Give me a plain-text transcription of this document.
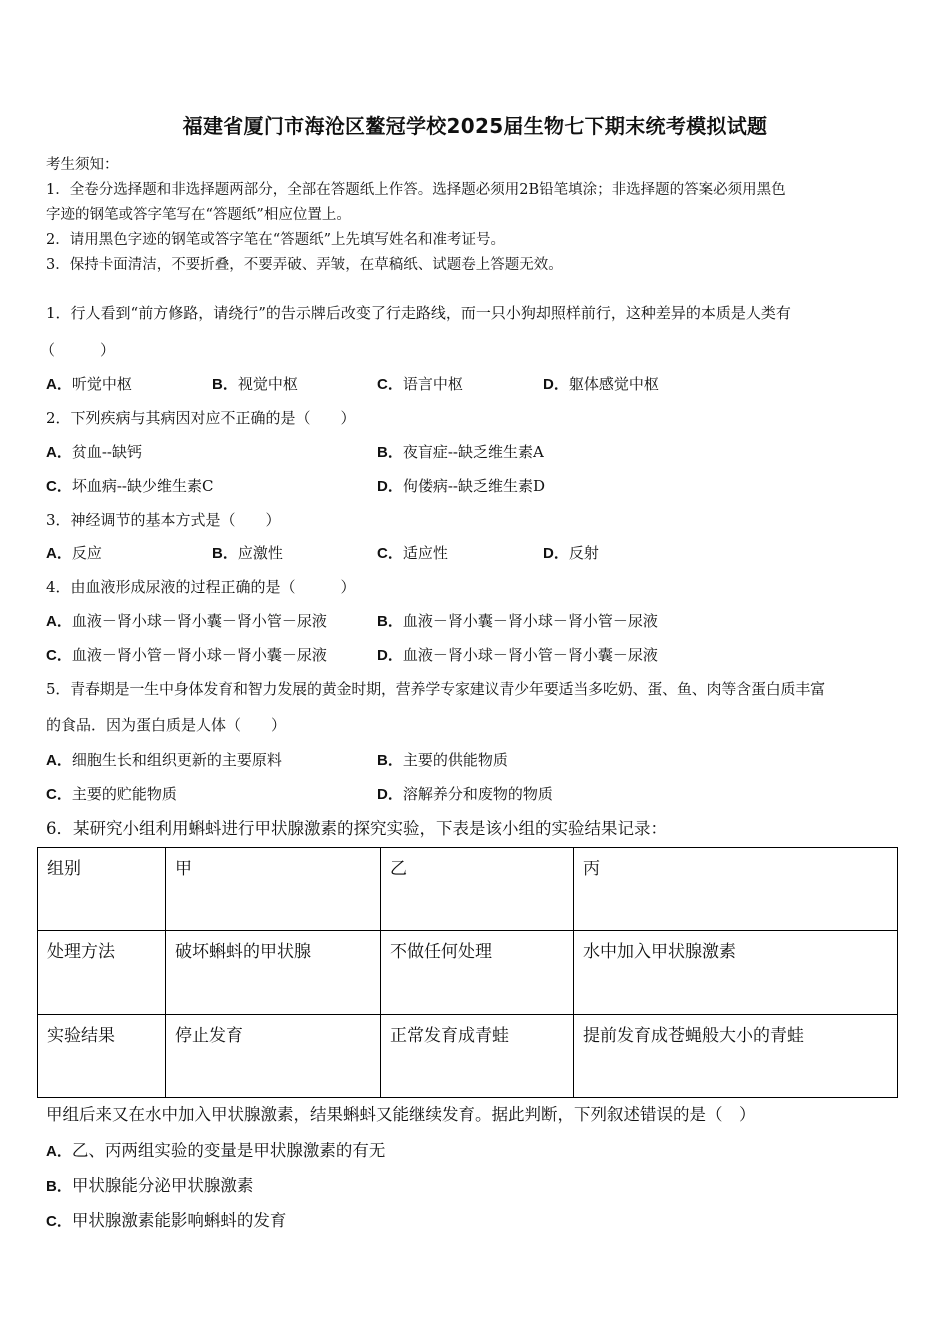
福建省厦门市海沧区鳌冠学校2025届生物七下期末统考模拟试题
考生须知：
1．全卷分选择题和非选择题两部分，全部在答题纸上作答。选择题必须用2B铅笔填涂；非选择题的答案必须用黑色
字迹的钢笔或答字笔写在“答题纸”相应位置上。
2．请用黑色字迹的钢笔或答字笔在“答题纸”上先填写姓名和准考证号。
3．保持卡面清洁，不要折叠，不要弄破、弄皱，在草稿纸、试题卷上答题无效。
1．行人看到“前方修路，请绕行”的告示牌后改变了行走路线，而一只小狗却照样前行，这种差异的本质是人类有
（　　　）
A．听觉中枢	B．视觉中枢	C．语言中枢	D．躯体感觉中枢
2．下列疾病与其病因对应不正确的是（　　）
A．贫血--缺钙	B．夜盲症--缺乏维生素A
C．坏血病--缺少维生素C	D．佝偻病--缺乏维生素D
3．神经调节的基本方式是（　　）
A．反应	B．应激性	C．适应性	D．反射
4．由血液形成尿液的过程正确的是（　　　）
A．血液－肾小球－肾小囊－肾小管－尿液	B．血液－肾小囊－肾小球－肾小管－尿液
C．血液－肾小管－肾小球－肾小囊－尿液	D．血液－肾小球－肾小管－肾小囊－尿液
5．青春期是一生中身体发育和智力发展的黄金时期，营养学专家建议青少年要适当多吃奶、蛋、鱼、肉等含蛋白质丰富
的食品．因为蛋白质是人体（　　）
A．细胞生长和组织更新的主要原料	B．主要的供能物质
C．主要的贮能物质	D．溶解养分和废物的物质
6．某研究小组利用蝌蚪进行甲状腺激素的探究实验，下表是该小组的实验结果记录：
组别	甲	乙	丙
处理方法	破坏蝌蚪的甲状腺	不做任何处理	水中加入甲状腺激素
实验结果	停止发育	正常发育成青蛙	提前发育成苍蝇般大小的青蛙
甲组后来又在水中加入甲状腺激素，结果蝌蚪又能继续发育。据此判断，下列叙述错误的是（　）
A．乙、丙两组实验的变量是甲状腺激素的有无
B．甲状腺能分泌甲状腺激素
C．甲状腺激素能影响蝌蚪的发育
